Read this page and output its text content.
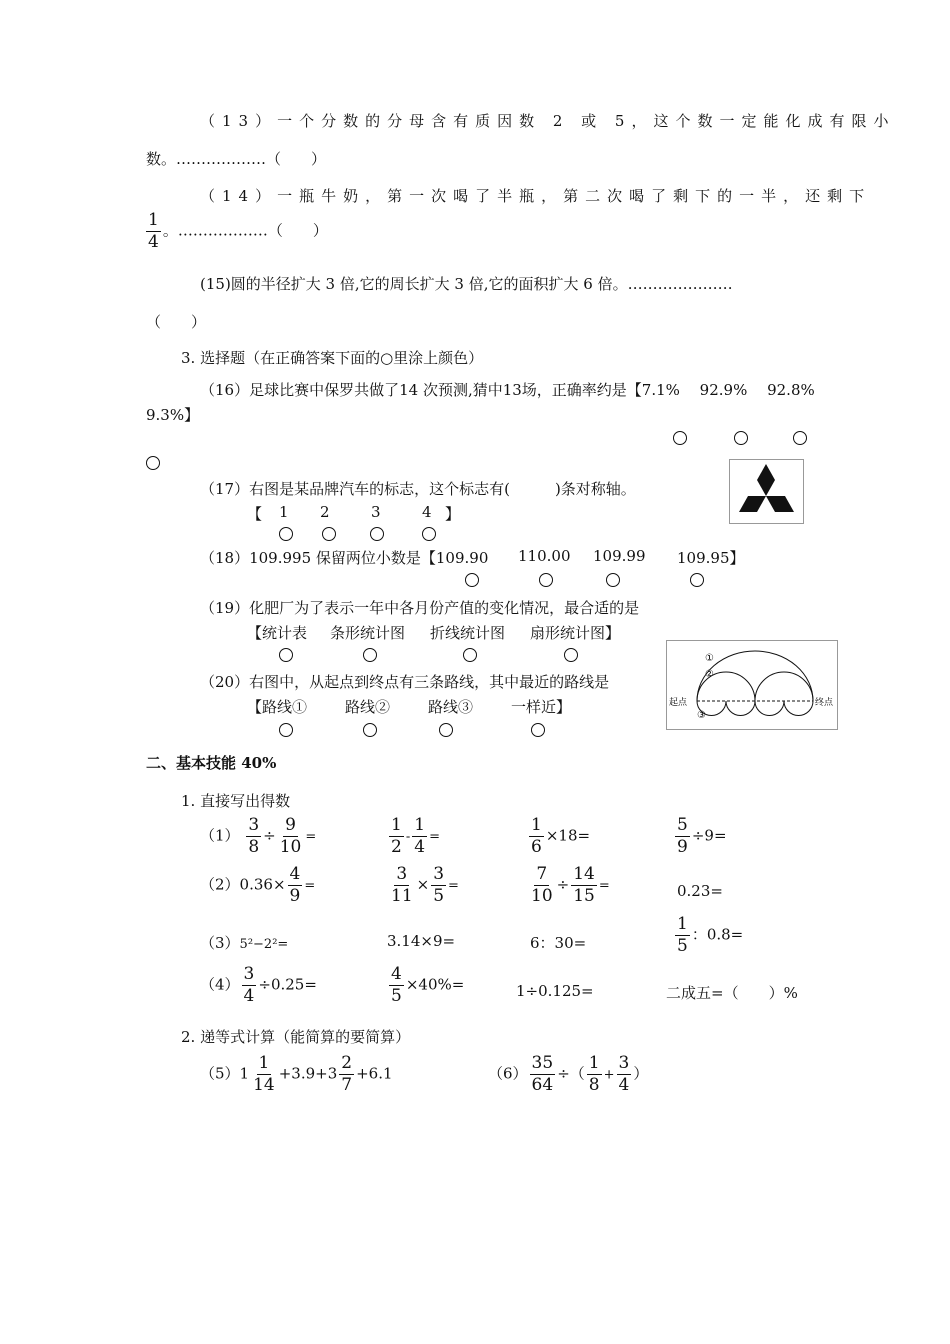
（13）一个分数的分母含有质因数 2 或 5，这个数一定能化成有限小
数。………………（　　）
（14）一瓶牛奶，第一次喝了半瓶，第二次喝了剩下的一半，还剩下
$\frac{1}{4}$ 。………………（　　）
(15)圆的半径扩大 3 倍,它的周长扩大 3 倍,它的面积扩大 6 倍。…………………
（　　）
3. 选择题（在正确答案下面的○里涂上颜色）
（16）足球比赛中保罗共做了14 次预测,猜中13场，正确率约是【7.1%　 92.9%　 92.8%
9.3%】
（17）右图是某品牌汽车的标志，这个标志有(　　　)条对称轴。
【 1 2	3	4 】
（18）109.995 保留两位小数是【109.90 110.00 109.99 109.95】
（19）化肥厂为了表示一年中各月份产值的变化情况，最合适的是
【统计表 条形统计图 折线统计图 扇形统计图】
（20）右图中，从起点到终点有三条路线，其中最近的路线是
【路线①	路线②	路线③	一样近】	起点	终点
①
②
③
二、基本技能 40%
1. 直接写出得数
$(1) \frac{3}{8} \div \frac{9}{10}$ =	$\frac{1}{2} - \frac{1}{4}$ =	$\frac{1}{6} \times 18=$	$\frac{5}{9} \div 9=$
$(2)0.36\times \frac{4}{9}$ =	$\frac{3}{11} \times \frac{3}{5}$ =	$\frac{7}{10} \div \frac{14}{15}$ =	0.23=
（3）5²−2²=	3.14×9=	6：30=	$\frac{1}{5}$ ：0.8=
$(4) \frac{3}{4} \div 0.25=$	$\frac{4}{5} \times 40\%=$	1÷0.125=	二成五=（　　）%
2. 递等式计算（能简算的要简算）
$(5)1 \frac{1}{14} +3.9+3 \frac{2}{7} +6.1$	$(6) \frac{35}{64}$ ÷（ $\frac{1}{8} + \frac{3}{4}$ ）
